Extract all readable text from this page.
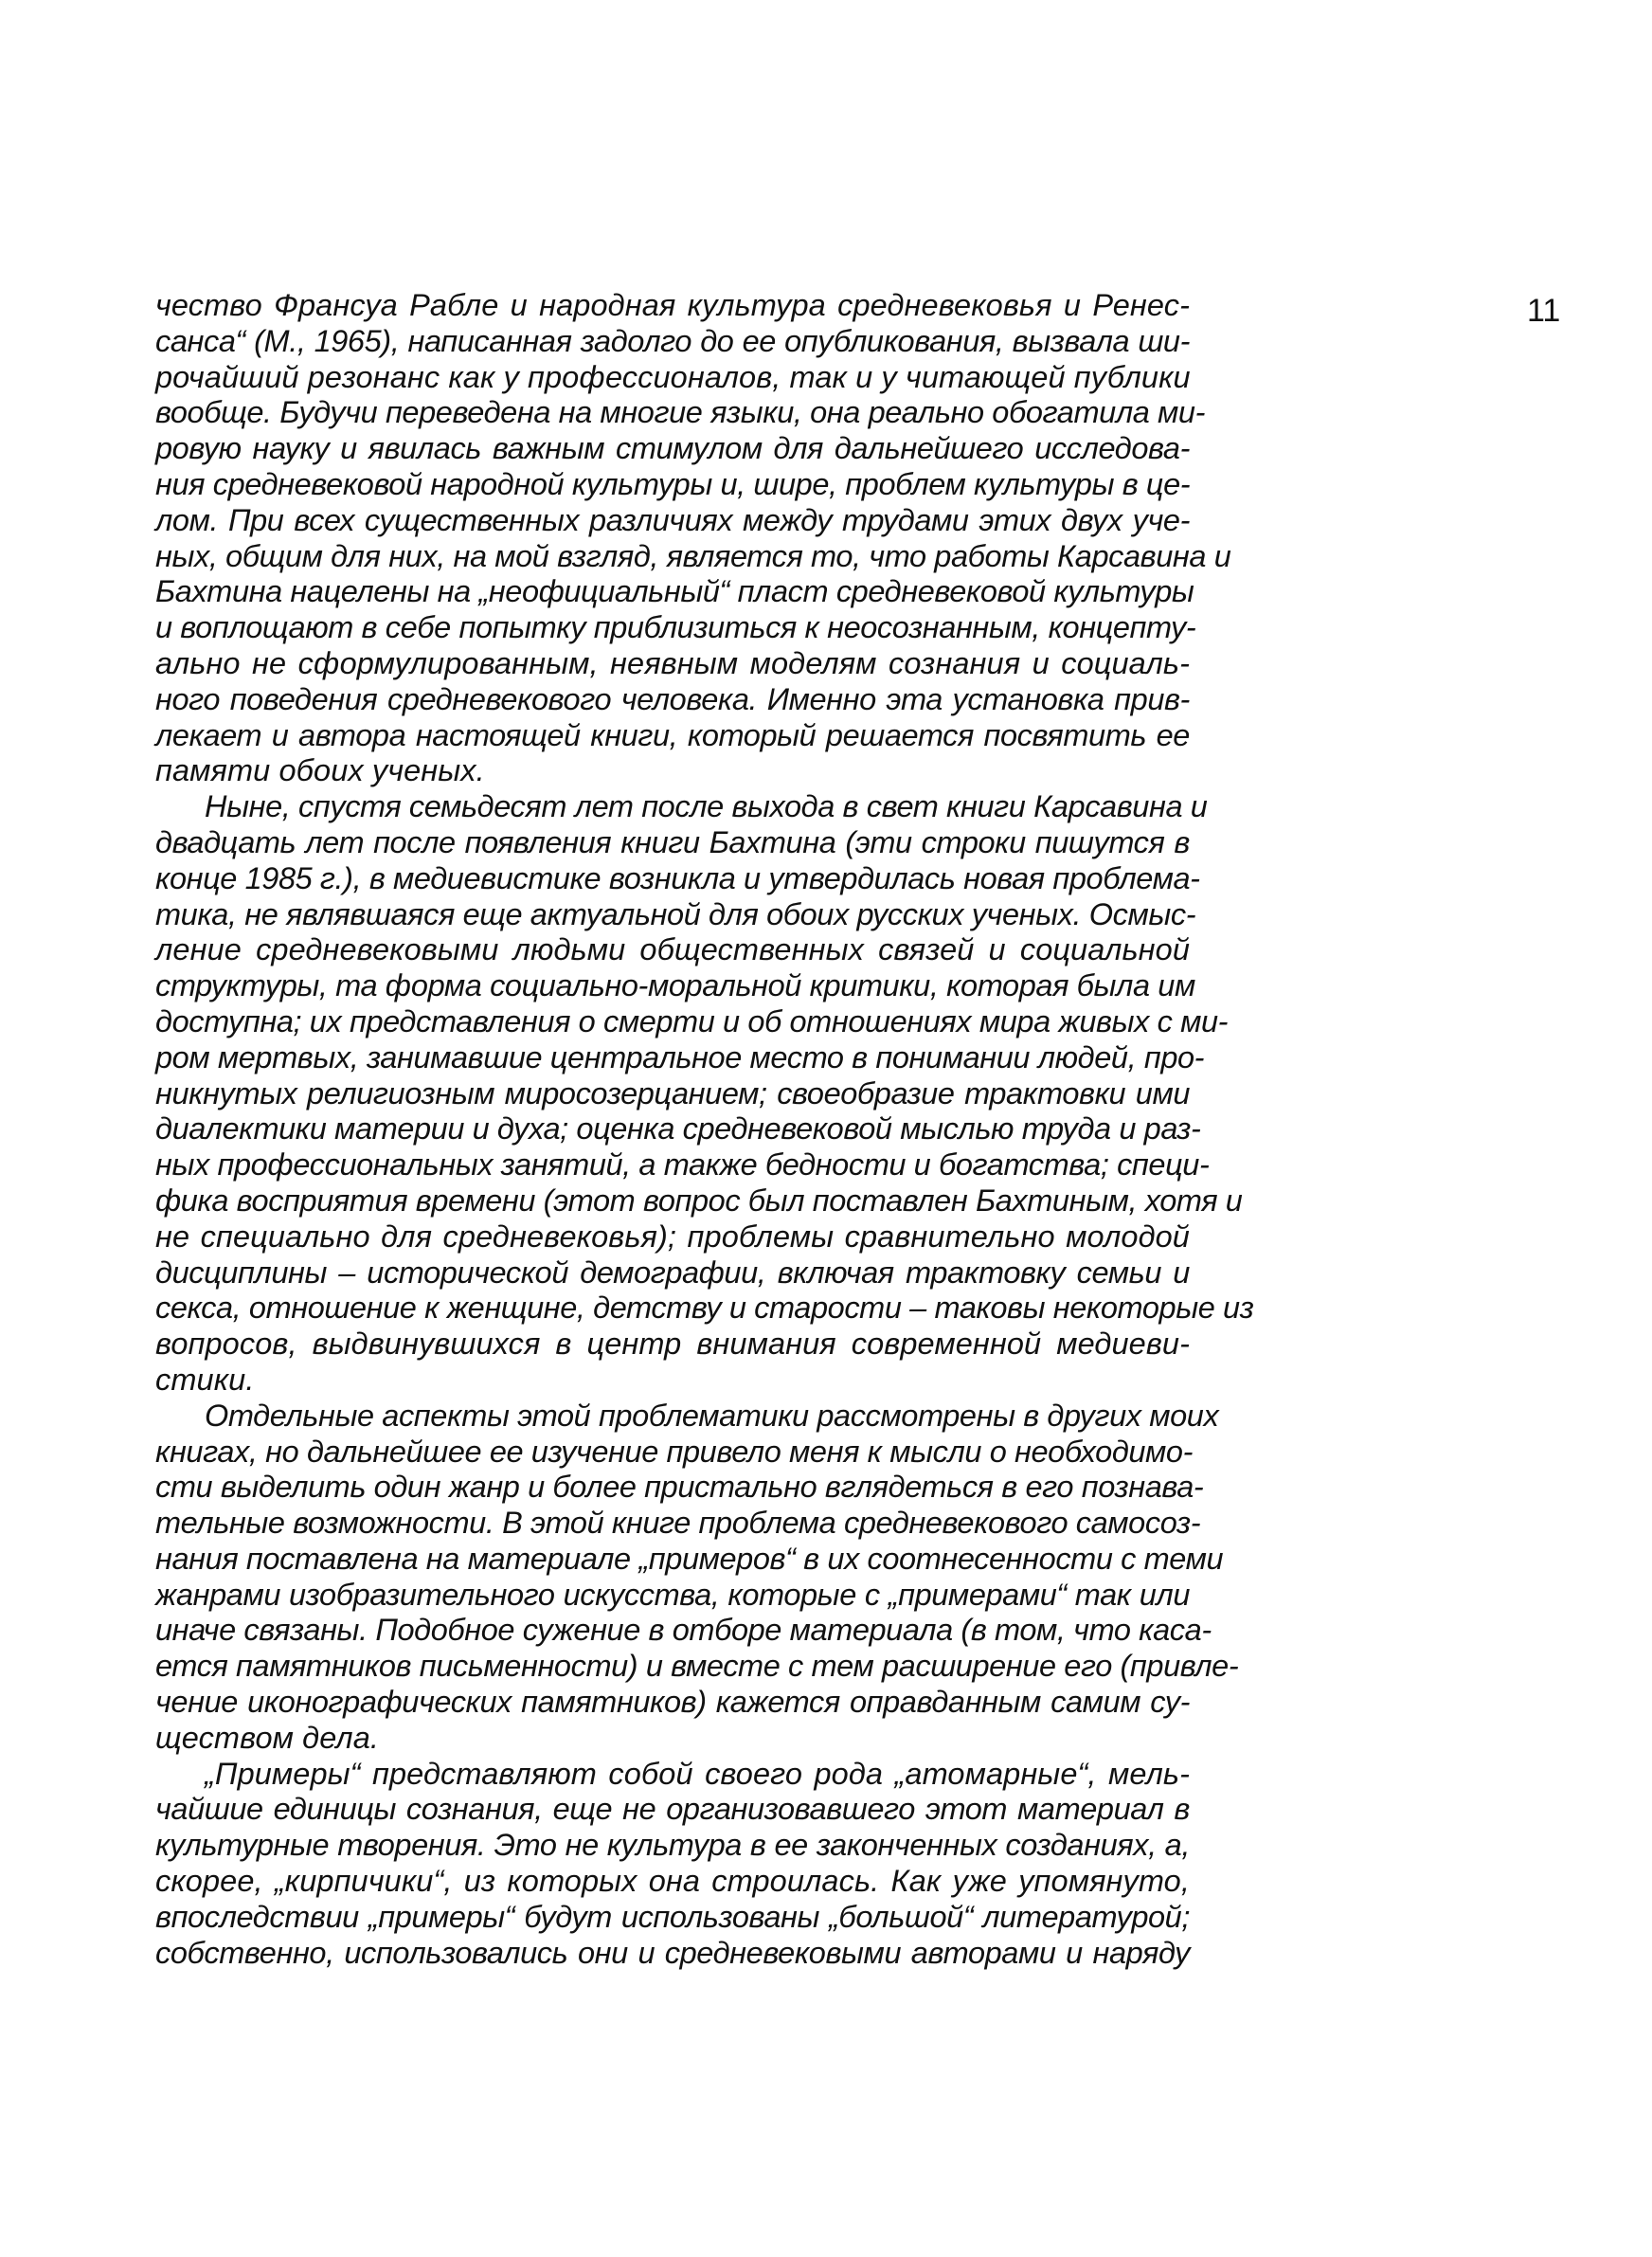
11
чество Франсуа Рабле и народная культура средневековья и Ренес-
санса“ (М., 1965), написанная задолго до ее опубликования, вызвала ши-
рочайший резонанс как у профессионалов, так и у читающей публики
вообще. Будучи переведена на многие языки, она реально обогатила ми-
ровую науку и явилась важным стимулом для дальнейшего исследова-
ния средневековой народной культуры и, шире, проблем культуры в це-
лом. При всех существенных различиях между трудами этих двух уче-
ных, общим для них, на мой взгляд, является то, что работы Карсавина и
Бахтина нацелены на „неофициальный“ пласт средневековой культуры
и воплощают в себе попытку приблизиться к неосознанным, концепту-
ально не сформулированным, неявным моделям сознания и социаль-
ного поведения средневекового человека. Именно эта установка прив-
лекает и автора настоящей книги, который решается посвятить ее
памяти обоих ученых.
Ныне, спустя семьдесят лет после выхода в свет книги Карсавина и
двадцать лет после появления книги Бахтина (эти строки пишутся в
конце 1985 г.), в медиевистике возникла и утвердилась новая проблема-
тика, не являвшаяся еще актуальной для обоих русских ученых. Осмыс-
ление средневековыми людьми общественных связей и социальной
структуры, та форма социально-моральной критики, которая была им
доступна; их представления о смерти и об отношениях мира живых с ми-
ром мертвых, занимавшие центральное место в понимании людей, про-
никнутых религиозным миросозерцанием; своеобразие трактовки ими
диалектики материи и духа; оценка средневековой мыслью труда и раз-
ных профессиональных занятий, а также бедности и богатства; специ-
фика восприятия времени (этот вопрос был поставлен Бахтиным, хотя и
не специально для средневековья); проблемы сравнительно молодой
дисциплины – исторической демографии, включая трактовку семьи и
секса, отношение к женщине, детству и старости – таковы некоторые из
вопросов, выдвинувшихся в центр внимания современной медиеви-
стики.
Отдельные аспекты этой проблематики рассмотрены в других моих
книгах, но дальнейшее ее изучение привело меня к мысли о необходимо-
сти выделить один жанр и более пристально вглядеться в его познава-
тельные возможности. В этой книге проблема средневекового самосоз-
нания поставлена на материале „примеров“ в их соотнесенности с теми
жанрами изобразительного искусства, которые с „примерами“ так или
иначе связаны. Подобное сужение в отборе материала (в том, что каса-
ется памятников письменности) и вместе с тем расширение его (привле-
чение иконографических памятников) кажется оправданным самим су-
ществом дела.
„Примеры“ представляют собой своего рода „атомарные“, мель-
чайшие единицы сознания, еще не организовавшего этот материал в
культурные творения. Это не культура в ее законченных созданиях, а,
скорее, „кирпичики“, из которых она строилась. Как уже упомянуто,
впоследствии „примеры“ будут использованы „большой“ литературой;
собственно, использовались они и средневековыми авторами и наряду
